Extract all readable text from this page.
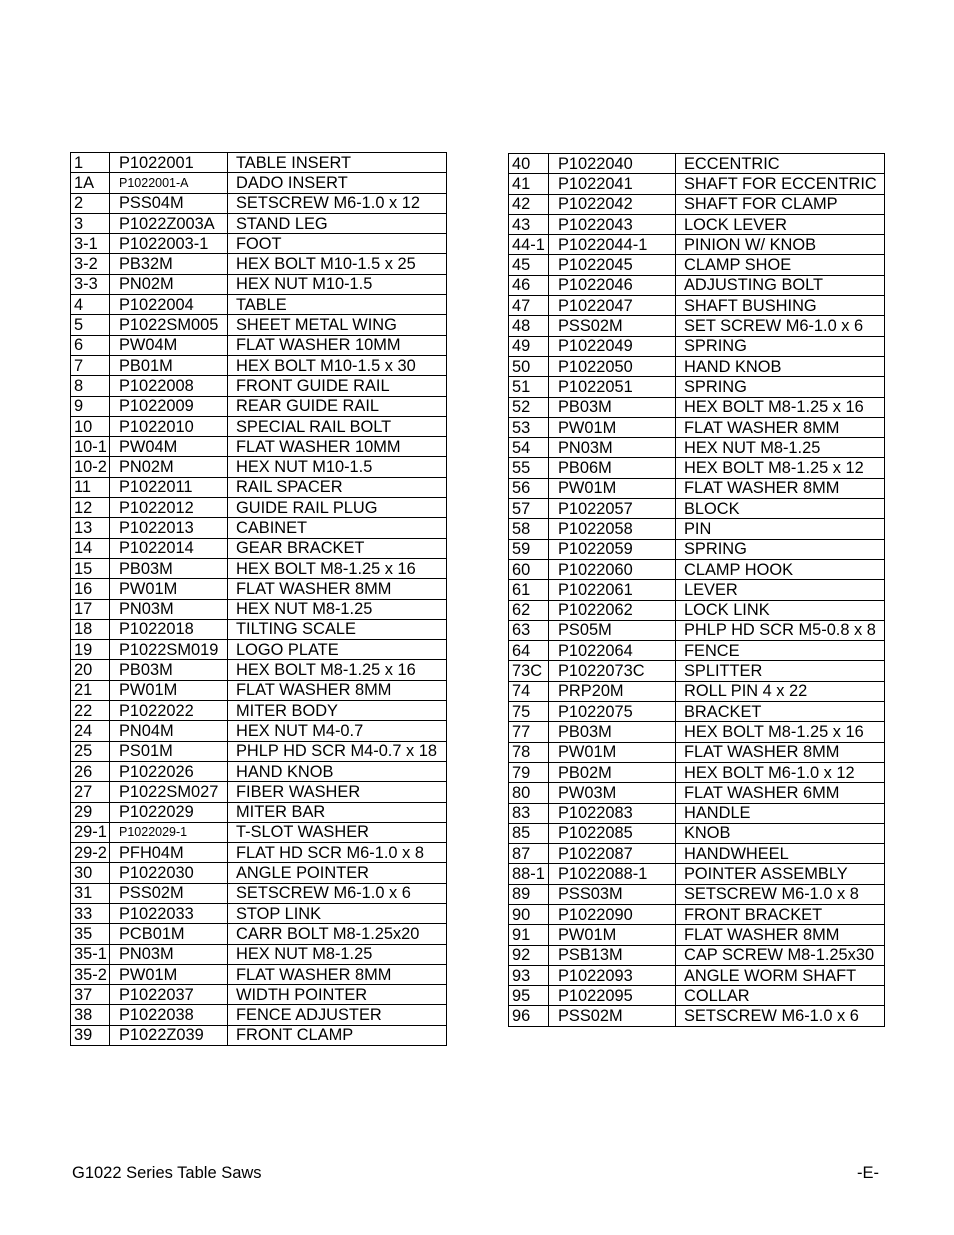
1	P1022001	TABLE INSERT
1A	P1022001-A	DADO INSERT
2	PSS04M	SETSCREW M6-1.0 x 12
3	P1022Z003A	STAND LEG
3-1	P1022003-1	FOOT
3-2	PB32M	HEX BOLT M10-1.5 x 25
3-3	PN02M	HEX NUT M10-1.5
4	P1022004	TABLE
5	P1022SM005	SHEET METAL WING
6	PW04M	FLAT WASHER 10MM
7	PB01M	HEX BOLT M10-1.5 x 30
8	P1022008	FRONT GUIDE RAIL
9	P1022009	REAR GUIDE RAIL
10	P1022010	SPECIAL RAIL BOLT
10-1	PW04M	FLAT WASHER 10MM
10-2	PN02M	HEX NUT M10-1.5
11	P1022011	RAIL SPACER
12	P1022012	GUIDE RAIL PLUG
13	P1022013	CABINET
14	P1022014	GEAR BRACKET
15	PB03M	HEX BOLT M8-1.25 x 16
16	PW01M	FLAT WASHER 8MM
17	PN03M	HEX NUT M8-1.25
18	P1022018	TILTING SCALE
19	P1022SM019	LOGO PLATE
20	PB03M	HEX BOLT M8-1.25 x 16
21	PW01M	FLAT WASHER 8MM
22	P1022022	MITER BODY
24	PN04M	HEX NUT M4-0.7
25	PS01M	PHLP HD SCR M4-0.7 x 18
26	P1022026	HAND KNOB
27	P1022SM027	FIBER WASHER
29	P1022029	MITER BAR
29-1	P1022029-1	T-SLOT WASHER
29-2	PFH04M	FLAT HD SCR M6-1.0 x 8
30	P1022030	ANGLE POINTER
31	PSS02M	SETSCREW M6-1.0 x 6
33	P1022033	STOP LINK
35	PCB01M	CARR BOLT M8-1.25x20
35-1	PN03M	HEX NUT M8-1.25
35-2	PW01M	FLAT WASHER 8MM
37	P1022037	WIDTH POINTER
38	P1022038	FENCE ADJUSTER
39	P1022Z039	FRONT CLAMP
40	P1022040	ECCENTRIC
41	P1022041	SHAFT FOR ECCENTRIC
42	P1022042	SHAFT FOR CLAMP
43	P1022043	LOCK LEVER
44-1	P1022044-1	PINION W/ KNOB
45	P1022045	CLAMP SHOE
46	P1022046	ADJUSTING BOLT
47	P1022047	SHAFT BUSHING
48	PSS02M	SET SCREW M6-1.0 x 6
49	P1022049	SPRING
50	P1022050	HAND KNOB
51	P1022051	SPRING
52	PB03M	HEX BOLT M8-1.25 x 16
53	PW01M	FLAT WASHER 8MM
54	PN03M	HEX NUT M8-1.25
55	PB06M	HEX BOLT M8-1.25 x 12
56	PW01M	FLAT WASHER 8MM
57	P1022057	BLOCK
58	P1022058	PIN
59	P1022059	SPRING
60	P1022060	CLAMP HOOK
61	P1022061	LEVER
62	P1022062	LOCK LINK
63	PS05M	PHLP HD SCR M5-0.8 x 8
64	P1022064	FENCE
73C	P1022073C	SPLITTER
74	PRP20M	ROLL PIN 4 x 22
75	P1022075	BRACKET
77	PB03M	HEX BOLT M8-1.25 x 16
78	PW01M	FLAT WASHER 8MM
79	PB02M	HEX BOLT M6-1.0 x 12
80	PW03M	FLAT WASHER 6MM
83	P1022083	HANDLE
85	P1022085	KNOB
87	P1022087	HANDWHEEL
88-1	P1022088-1	POINTER ASSEMBLY
89	PSS03M	SETSCREW M6-1.0 x 8
90	P1022090	FRONT BRACKET
91	PW01M	FLAT WASHER 8MM
92	PSB13M	CAP SCREW M8-1.25x30
93	P1022093	ANGLE WORM SHAFT
95	P1022095	COLLAR
96	PSS02M	SETSCREW M6-1.0 x 6
G1022 Series Table Saws	-E-
